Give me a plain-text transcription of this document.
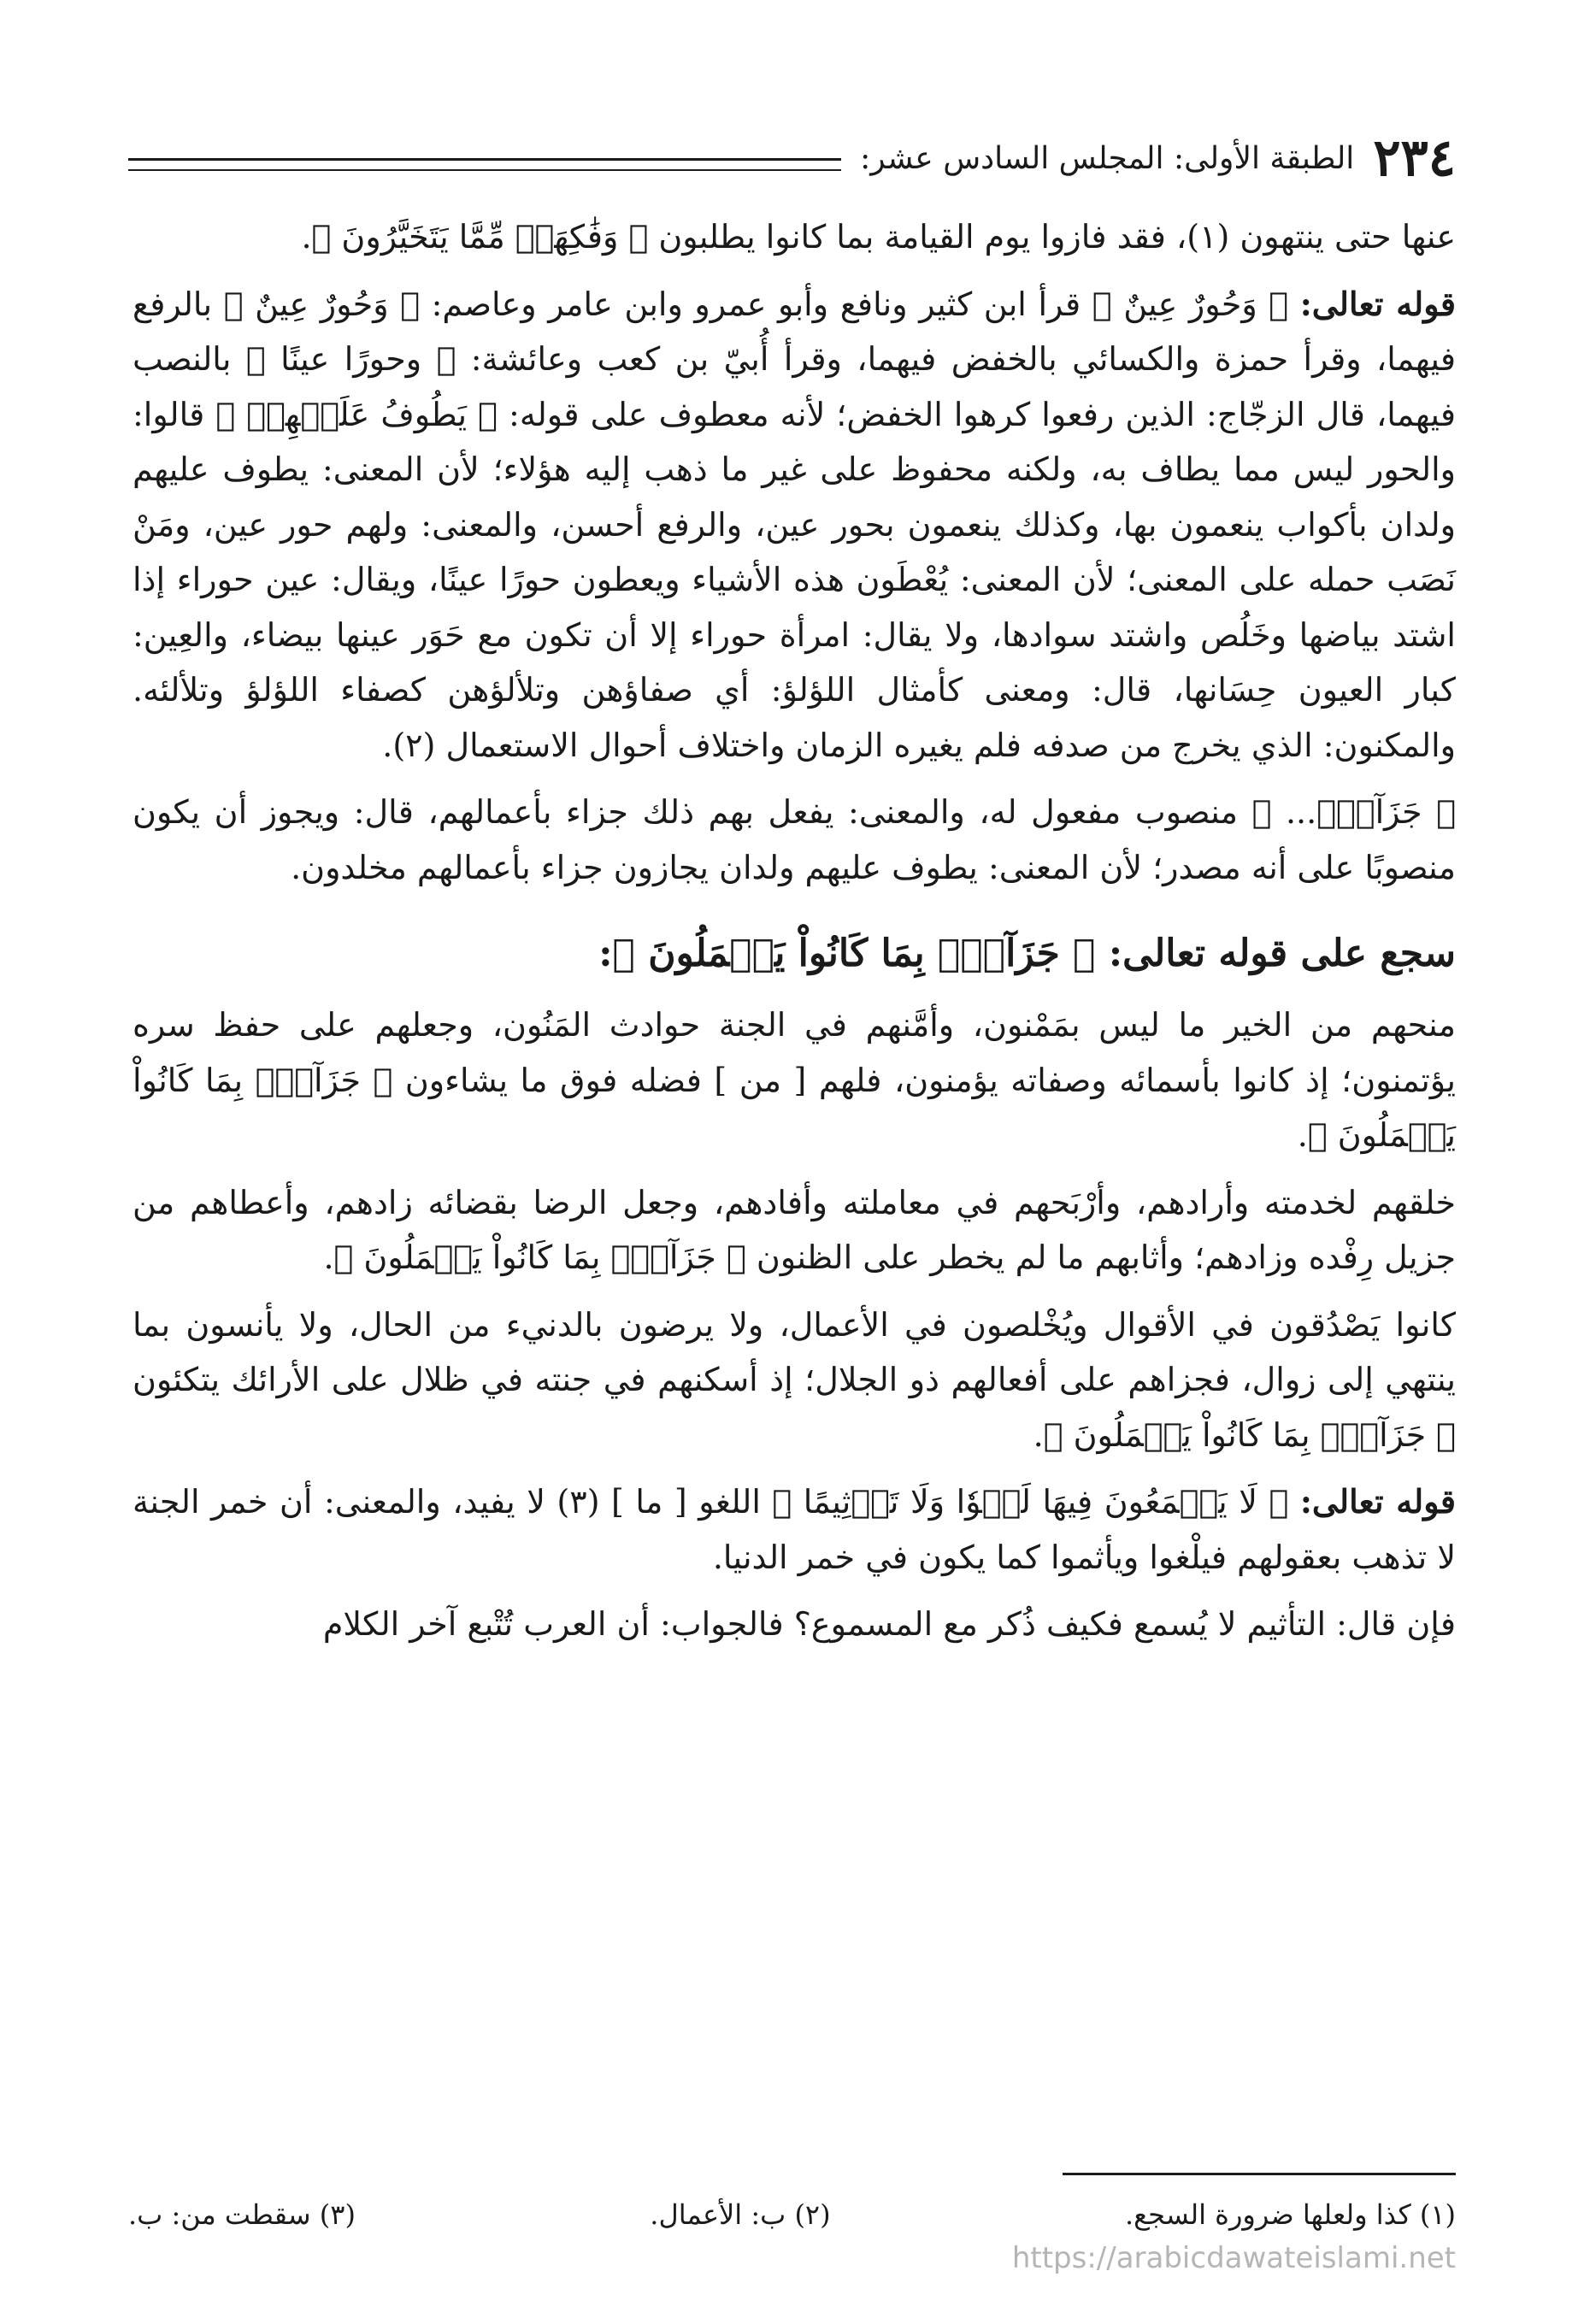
٢٣٤
الطبقة الأولى: المجلس السادس عشر:

عنها حتى ينتهون (١)، فقد فازوا يوم القيامة بما كانوا يطلبون ﴿ وَفَٰكِهَةٖ مِّمَّا يَتَخَيَّرُونَ ﴾.

قوله تعالى: ﴿ وَحُورٌ عِينٌ ﴾ قرأ ابن كثير ونافع وأبو عمرو وابن عامر وعاصم: ﴿ وَحُورٌ عِينٌ ﴾ بالرفع فيهما، وقرأ حمزة والكسائي بالخفض فيهما، وقرأ أُبيّ بن كعب وعائشة: ﴿ وحورًا عينًا ﴾ بالنصب فيهما، قال الزجّاج: الذين رفعوا كرهوا الخفض؛ لأنه معطوف على قوله: ﴿ يَطُوفُ عَلَيۡهِمۡ ﴾ قالوا: والحور ليس مما يطاف به، ولكنه محفوظ على غير ما ذهب إليه هؤلاء؛ لأن المعنى: يطوف عليهم ولدان بأكواب ينعمون بها، وكذلك ينعمون بحور عين، والرفع أحسن، والمعنى: ولهم حور عين، ومَنْ نَصَب حمله على المعنى؛ لأن المعنى: يُعْطَون هذه الأشياء ويعطون حورًا عينًا، ويقال: عين حوراء إذا اشتد بياضها وخَلُص واشتد سوادها، ولا يقال: امرأة حوراء إلا أن تكون مع حَوَر عينها بيضاء، والعِين: كبار العيون حِسَانها، قال: ومعنى كأمثال اللؤلؤ: أي صفاؤهن وتلألؤهن كصفاء اللؤلؤ وتلألئه. والمكنون: الذي يخرج من صدفه فلم يغيره الزمان واختلاف أحوال الاستعمال (٢).

﴿ جَزَآءَۢ... ﴾ منصوب مفعول له، والمعنى: يفعل بهم ذلك جزاء بأعمالهم، قال: ويجوز أن يكون منصوبًا على أنه مصدر؛ لأن المعنى: يطوف عليهم ولدان يجازون جزاء بأعمالهم مخلدون.

سجع على قوله تعالى: ﴿ جَزَآءَۢ بِمَا كَانُواْ يَعۡمَلُونَ ﴾:

منحهم من الخير ما ليس بمَمْنون، وأمَّنهم في الجنة حوادث المَنُون، وجعلهم على حفظ سره يؤتمنون؛ إذ كانوا بأسمائه وصفاته يؤمنون، فلهم [ من ] فضله فوق ما يشاءون ﴿ جَزَآءَۢ بِمَا كَانُواْ يَعۡمَلُونَ ﴾.

خلقهم لخدمته وأرادهم، وأرْبَحهم في معاملته وأفادهم، وجعل الرضا بقضائه زادهم، وأعطاهم من جزيل رِفْده وزادهم؛ وأثابهم ما لم يخطر على الظنون ﴿ جَزَآءَۢ بِمَا كَانُواْ يَعۡمَلُونَ ﴾.

كانوا يَصْدُقون في الأقوال ويُخْلصون في الأعمال، ولا يرضون بالدنيء من الحال، ولا يأنسون بما ينتهي إلى زوال، فجزاهم على أفعالهم ذو الجلال؛ إذ أسكنهم في جنته في ظلال على الأرائك يتكئون ﴿ جَزَآءَۢ بِمَا كَانُواْ يَعۡمَلُونَ ﴾.

قوله تعالى: ﴿ لَا يَسۡمَعُونَ فِيهَا لَغۡوٗا وَلَا تَأۡثِيمًا ﴾ اللغو [ ما ] (٣) لا يفيد، والمعنى: أن خمر الجنة لا تذهب بعقولهم فيلْغوا ويأثموا كما يكون في خمر الدنيا.

فإن قال: التأثيم لا يُسمع فكيف ذُكر مع المسموع؟ فالجواب: أن العرب تُتْبع آخر الكلام

(١) كذا ولعلها ضرورة السجع.
(٢) ب: الأعمال.
(٣) سقطت من: ب.
https://arabicdawateislami.net
